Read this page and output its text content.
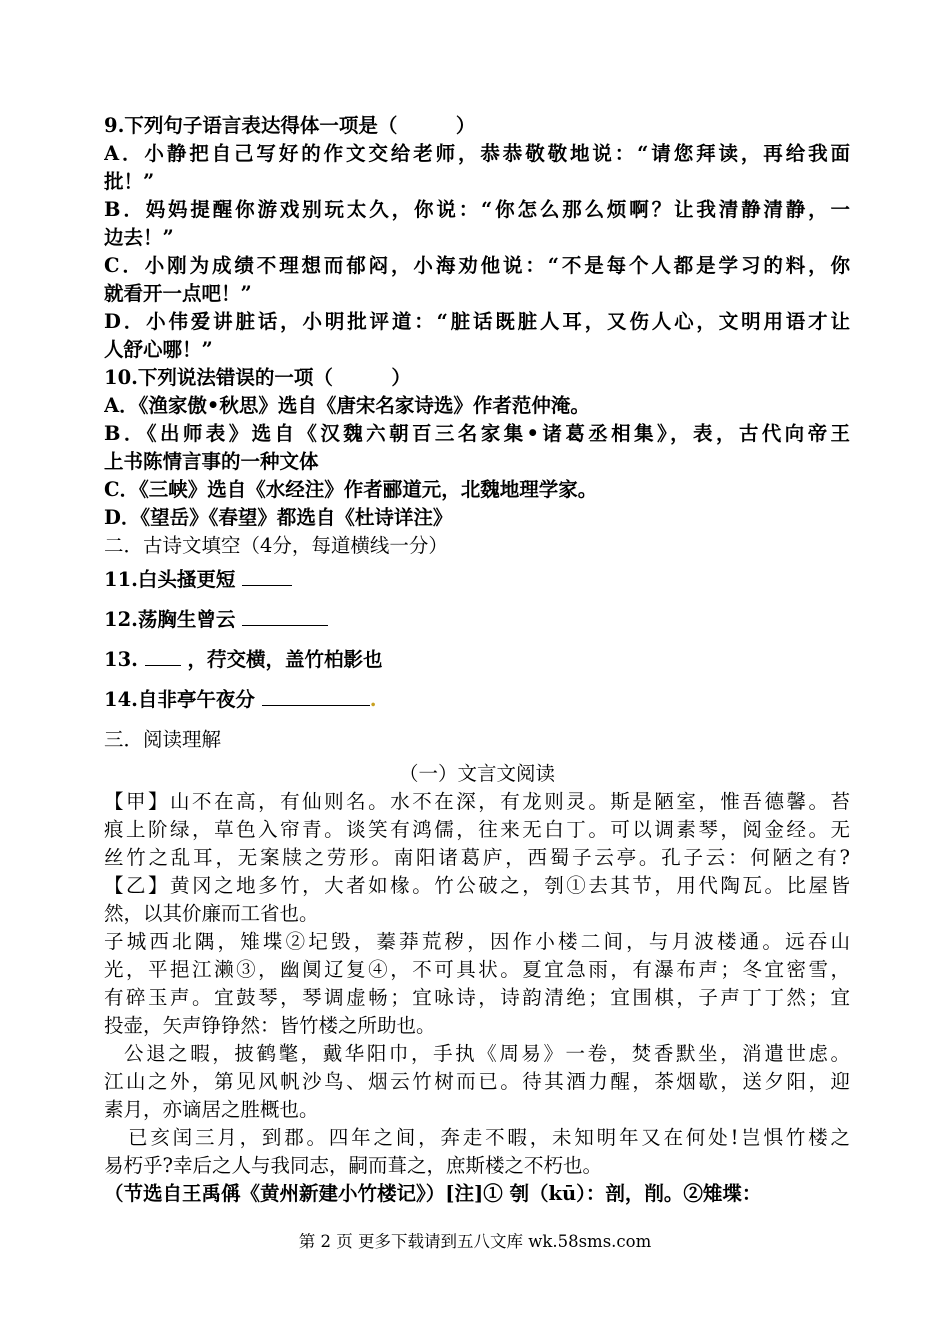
9.下列句子语言表达得体一项是（　　　）
A．小静把自己写好的作文交给老师，恭恭敬敬地说：“请您拜读，再给我面
批！”
B．妈妈提醒你游戏别玩太久，你说：“你怎么那么烦啊？让我清静清静，一
边去！”
C．小刚为成绩不理想而郁闷，小海劝他说：“不是每个人都是学习的料，你
就看开一点吧！”
D．小伟爱讲脏话，小明批评道：“脏话既脏人耳，又伤人心，文明用语才让
人舒心哪！”
10.下列说法错误的一项（　　　）
A．《渔家傲•秋思》选自《唐宋名家诗选》作者范仲淹。
B．《出师表》选自《汉魏六朝百三名家集•诸葛丞相集》，表，古代向帝王
上书陈情言事的一种文体
C．《三峡》选自《水经注》作者郦道元，北魏地理学家。
D．《望岳》《春望》都选自《杜诗详注》
二．古诗文填空（4分，每道横线一分）
11.白头搔更短
12.荡胸生曾云
13.	，荇交横，盖竹柏影也
14.自非亭午夜分	.
三．阅读理解
（一）文言文阅读
【甲】山不在高，有仙则名。水不在深，有龙则灵。斯是陋室，惟吾德馨。苔
痕上阶绿，草色入帘青。谈笑有鸿儒，往来无白丁。可以调素琴，阅金经。无
丝竹之乱耳，无案牍之劳形。南阳诸葛庐，西蜀子云亭。孔子云：何陋之有?
【乙】黄冈之地多竹，大者如椽。竹公破之，刳①去其节，用代陶瓦。比屋皆
然，以其价廉而工省也。
子城西北隅，雉堞②圮毁，蓁莽荒秽，因作小楼二间，与月波楼通。远吞山
光，平挹江濑③，幽阒辽复④，不可具状。夏宜急雨，有瀑布声；冬宜密雪，
有碎玉声。宜鼓琴，琴调虚畅；宜咏诗，诗韵清绝；宜围棋，子声丁丁然；宜
投壶，矢声铮铮然：皆竹楼之所助也。
公退之暇，披鹤氅，戴华阳巾，手执《周易》一卷，焚香默坐，消遣世虑。
江山之外，第见风帆沙鸟、烟云竹树而已。待其酒力醒，茶烟歇，送夕阳，迎
素月，亦谪居之胜概也。
已亥闰三月，到郡。四年之间，奔走不暇，未知明年又在何处!岂惧竹楼之
易朽乎?幸后之人与我同志，嗣而葺之，庶斯楼之不朽也。
（节选自王禹偁《黄州新建小竹楼记》）[注]① 刳（kū）：剖，削。②雉堞：
第 2 页 更多下载请到五八文库 wk.58sms.com
